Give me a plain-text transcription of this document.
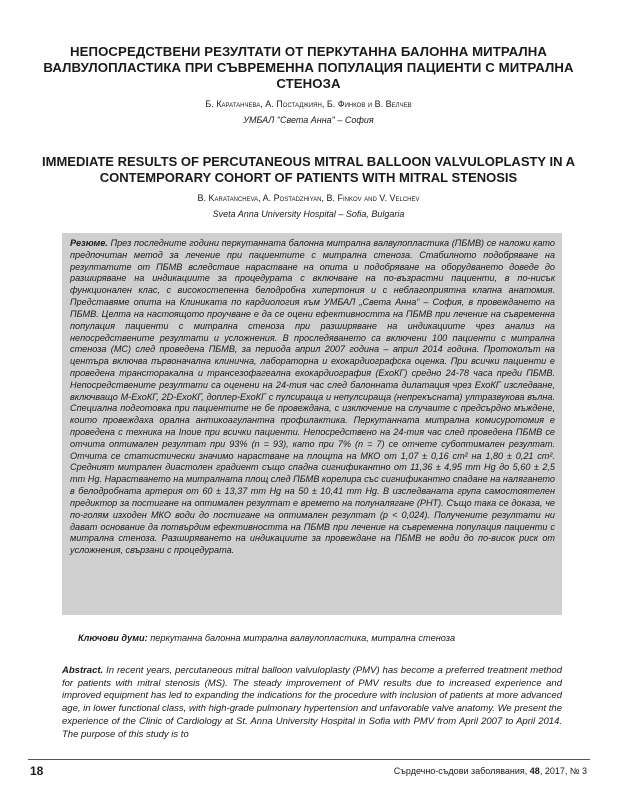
НЕПОСРЕДСТВЕНИ РЕЗУЛТАТИ ОТ ПЕРКУТАННА БАЛОННА МИТРАЛНА ВАЛВУЛОПЛАСТИКА ПРИ СЪВРЕМЕННА ПОПУЛАЦИЯ ПАЦИЕНТИ С МИТРАЛНА СТЕНОЗА
Б. Каратанчева, А. Постаджиян, Б. Финков и В. Велчев
УМБАЛ "Света Анна" – София
IMMEDIATE RESULTS OF PERCUTANEOUS MITRAL BALLOON VALVULOPLASTY IN A CONTEMPORARY COHORT OF PATIENTS WITH MITRAL STENOSIS
B. Karatancheva, A. Postadzhiyan, B. Finkov and V. Velchev
Sveta Anna University Hospital – Sofia, Bulgaria
Резюме. През последните години перкутанната балонна митрална валвулопластика (ПБМВ) се наложи като предпочитан метод за лечение при пациентите с митрална стеноза. Стабилното подобряване на резултатите от ПБМВ вследствие нарастване на опита и подобряване на оборудването доведе до разширяване на индикациите за процедурата с включване на по-възрастни пациенти, в по-нисък функционален клас, с високостепенна белодробна хипертония и с неблагоприятна клапна анатомия. Представяме опита на Клиниката по кардиология към УМБАЛ „Света Анна“ – София, в провеждането на ПБМВ. Целта на настоящото проучване е да се оцени ефективността на ПБМВ при лечение на съвременна популация пациенти с митрална стеноза при разширяване на индикациите чрез анализ на непосредствените резултати и усложнения. В проследяването са включени 100 пациенти с митрална стеноза (МС) след проведена ПБМВ, за периода април 2007 година – април 2014 година. Протоколът на центъра включва първоначална клинична, лабораторна и ехокардиографска оценка. При всички пациенти е проведена трансторакална и трансезофагеална ехокардиография (ЕхоКГ) средно 24-78 часа преди ПБМВ. Непосредствените резултати са оценени на 24-тия час след балонната дилатация чрез ЕхоКГ изследване, включващо М-ЕхоКГ, 2D-ЕхоКГ, доплер-ЕхоКГ с пулсираща и непулсираща (непрекъсната) ултразвукова вълна. Специална подготовка при пациентите не бе провеждана, с изключение на случаите с предсърдно мъждене, които провеждаха орална антикоагулантна профилактика. Перкутанната митрална комисуротомия е проведена с техника на Inoue при всички пациенти. Непосредствено на 24-тия час след проведена ПБМВ се отчита оптимален резултат при 93% (n = 93), като при 7% (n = 7) се отчете субоптимален резултат. Отчита се статистически значимо нарастване на площта на МКО от 1,07 ± 0,16 cm² на 1,80 ± 0,21 cm². Средният митрален диастолен градиент също спадна сигнификантно от 11,36 ± 4,95 mm Hg до 5,60 ± 2,5 mm Hg. Нарастването на митралната площ след ПБМВ корелира със сигнификантно спадане на налягането в белодробната артерия от 60 ± 13,37 mm Hg на 50 ± 10,41 mm Hg. В изследваната група самостоятелен предиктор за постигане на оптимален резултат е времето на полуналягане (PHT). Също така се доказа, че по-голям изходен МКО води до постигане на оптимален резултат (p < 0,024). Получените резултати ни дават основание да потвърдим ефективността на ПБМВ при лечение на съвременна популация пациенти с митрална стеноза. Разширяването на индикациите за провеждане на ПБМВ не води до по-висок риск от усложнения, свързани с процедурата.
Ключови думи: перкутанна балонна митрална валвулопластика, митрална стеноза
Abstract. In recent years, percutaneous mitral balloon valvuloplasty (PMV) has become a preferred treatment method for patients with mitral stenosis (MS). The steady improvement of PMV results due to increased experience and improved equipment has led to expanding the indications for the procedure with inclusion of patients at more advanced age, in lower functional class, with high-grade pulmonary hypertension and unfavorable valve anatomy. We present the experience of the Clinic of Cardiology at St. Anna University Hospital in Sofia with PMV from April 2007 to April 2014. The purpose of this study is to
18	Сърдечно-съдови заболявания, 48, 2017, № 3
